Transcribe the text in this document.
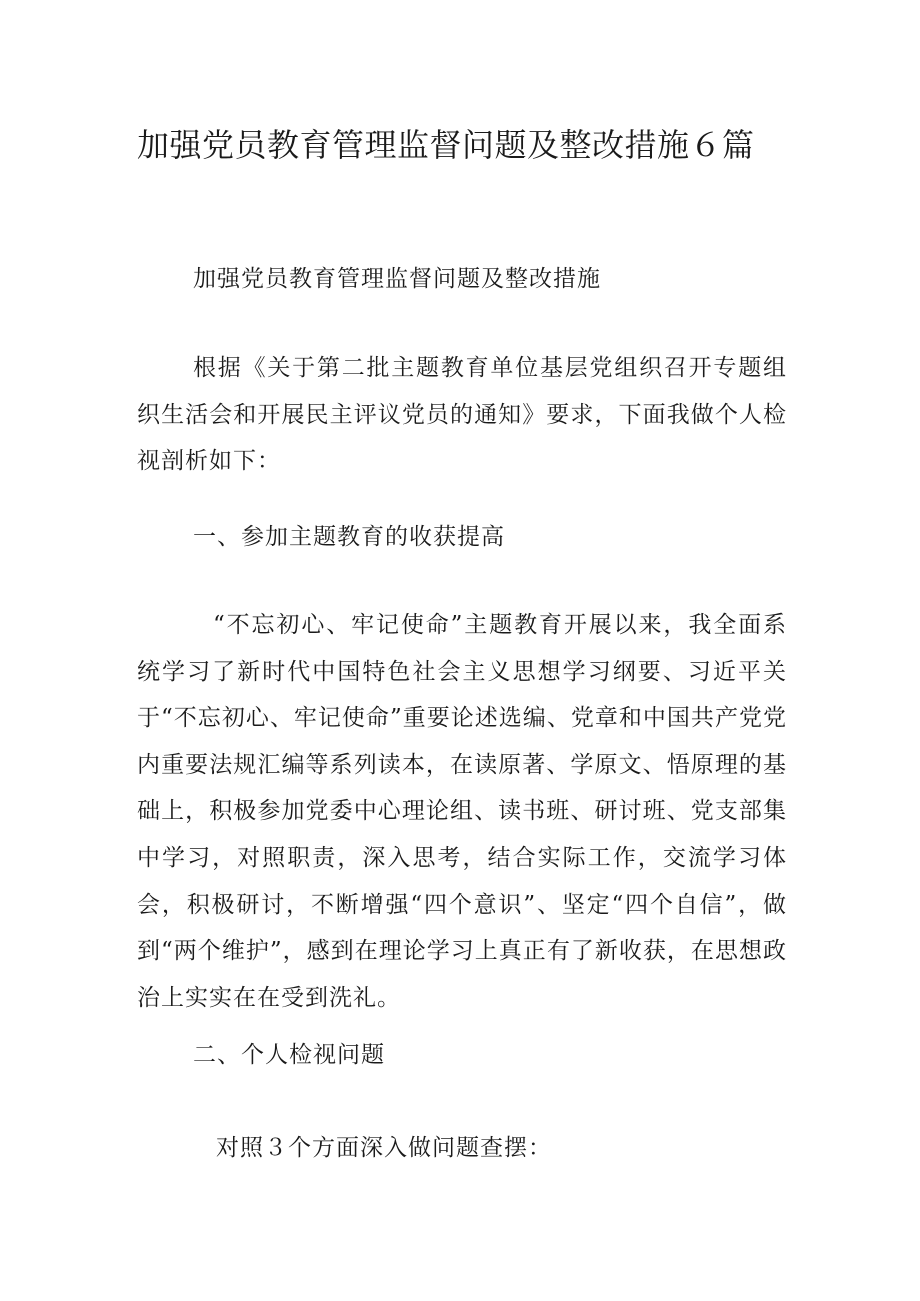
加强党员教育管理监督问题及整改措施６篇

加强党员教育管理监督问题及整改措施

根据《关于第二批主题教育单位基层党组织召开专题组织生活会和开展民主评议党员的通知》要求，下面我做个人检视剖析如下：

一、参加主题教育的收获提高

“不忘初心、牢记使命”主题教育开展以来，我全面系统学习了新时代中国特色社会主义思想学习纲要、习近平关于“不忘初心、牢记使命”重要论述选编、党章和中国共产党党内重要法规汇编等系列读本，在读原著、学原文、悟原理的基础上，积极参加党委中心理论组、读书班、研讨班、党支部集中学习，对照职责，深入思考，结合实际工作，交流学习体会，积极研讨，不断增强“四个意识”、坚定“四个自信”，做到“两个维护”，感到在理论学习上真正有了新收获，在思想政治上实实在在受到洗礼。

二、个人检视问题

对照３个方面深入做问题查摆：
